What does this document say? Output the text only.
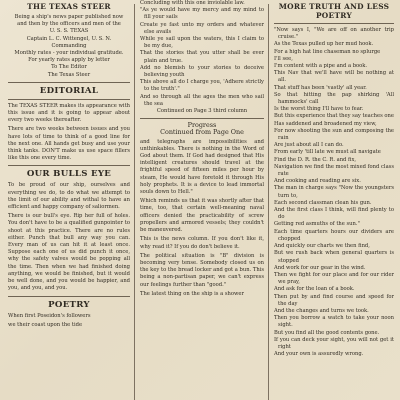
THE TEXAS STEER
Being a ship's news paper published now
and then by the officers and men of the
U. S. S. TEXAS
Captain L. C. Wittengel, U. S. N.
Commanding
Monthly rates - your individual gratitude.
For yearly rates apply by letter
To The Editor
The Texas Steer
EDITORIAL

The TEXAS STEER makes its appearance with this issue and it is going to appear about every two weeks thereafter.

There are two weeks between issues and you have lots of time to think of a good line for the next one. All hands get busy and use your think tanks. DON'T make us use space fillers like this one every time.

OUR BULLS EYE

To be proud of our ship, ourselves and everything we do, to do what we attempt to the limit of our ability and withal to have an efficient and happy company of saliormen.

There is our bull's eye. Rip her full of holes. You don't have to be a qualified gunpointer to shoot at this practice. There are no rules either. Punch that bull any way you can. Every man of us can hit it at least once. Suppose each one of us did punch it once, why the safety valves would be popping all the time. Then when we had finished doing anything, we would be finished, but it would be well done, and you would be happier, and you, and you, and you.

POETRY

When first Poseidon's followers

we their coast upon the tide

Concluding with this one inviolable law.

"As ye would have my mercy and my mind to fill your sails

Create ye fast unto my orders and whatever else avails

While ye sail upon the waters, this I claim to be my due,

That the stories that you utter shall be ever plain and true.

Add no blemish to your stories to deceive believing youth

This above all do I charge you, 'Adhere strictly to the truth'."

And so through all the ages the men who sail the sea

Continued on Page 3 third column
Progress
Continued from Page One

and telegraphs are impossibilities and unthinkables. There is nothing in the Word of God about them. If God had designed that His intelligent creatures should travel at the frightful speed of fifteen miles per hour by steam, He would have foretold it through His holy prophets. It is a device to lead immortal souls down to Hell."

Which reminds us that it was shortly after that time, too, that certain well-meaning naval officers denied the practicability of screw propellers and armored vessels; they couldn't be maneuvered.

This is the news column. If you don't like it, why read it? If you do don't believe it.

The political situation is "B" division is becoming very tense. Somebody closed us on the key to the bread locker and got a bun. This being a non-partisan paper, we can't express our feelings further than "good."

The latest thing on the ship is a shower

MORE TRUTH AND LESS POETRY

"Now says I, "We are off on another trip cruise."

As the Texas pulled up her mud hook.

For a high hat line chaseman no splurge

I'll see,

I'm content with a pipe and a book.

This Nav that we'll have will be nothing at all.

That stuff has been 'vastly' all year.

So that hitting the pap shirking 'All hammocks' call

Is the worst thing I'll have to fear.

But this experience that they say teaches one

Has saddened and broadened my view,

For now shooting the sun and composing the rain

Are just about all I can do.

From early 'till late we must all navigate

Find the D. R. the C. R. and fix,

Navigation we find the most mixed fond class rate

And cooking and reading are six.

The man in charge says "Now the youngsters turn to,

Each second classman clean his gun.

And the first class I think, will find plenty to do

Getting red asmuths of the sun."

Each time quarters hours our dividers are chopped

And quickly our charts we then find,

But we rush back when general quarters is stopped

And work for our gear in the wind.

Then we fight for our place and for our rider we pray,

And ask for the loan of a book.

Then put by and find course and speed for the day

And the changes and turns we took.

Then you borrow a watch to take your noon sight.

But you find all the good contents gone.

If you can deck your sight, you will not get it right

And your own is assuredly wrong.
